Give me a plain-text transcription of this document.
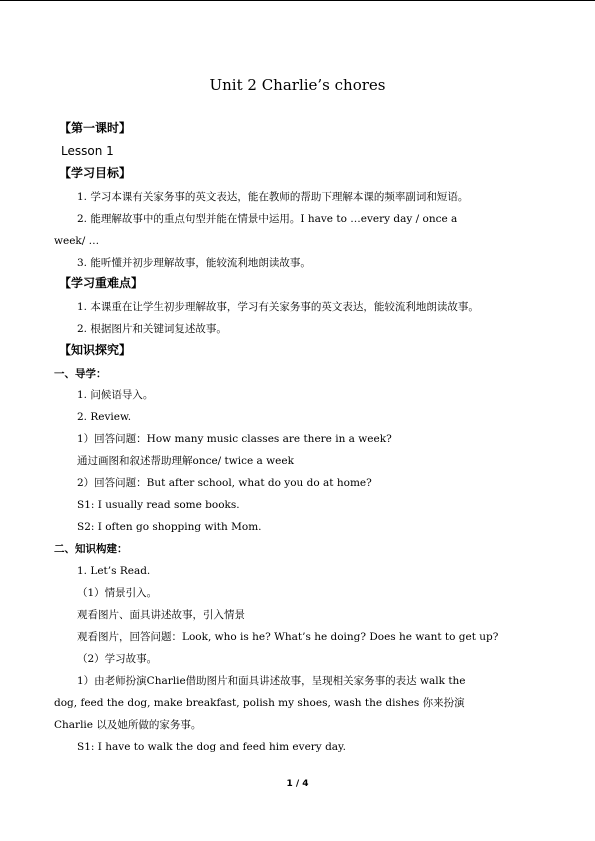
Unit 2 Charlie’s chores
【第一课时】
Lesson 1
【学习目标】
1. 学习本课有关家务事的英文表达，能在教师的帮助下理解本课的频率副词和短语。
2. 能理解故事中的重点句型并能在情景中运用。I have to …every day / once a
week/ …
3. 能听懂并初步理解故事，能较流利地朗读故事。
【学习重难点】
1. 本课重在让学生初步理解故事，学习有关家务事的英文表达，能较流利地朗读故事。
2. 根据图片和关键词复述故事。
【知识探究】
一、导学：
1. 问候语导入。
2. Review.
1）回答问题：How many music classes are there in a week?
通过画图和叙述帮助理解once/ twice a week
2）回答问题：But after school, what do you do at home?
S1: I usually read some books.
S2: I often go shopping with Mom.
二、知识构建：
1. Let’s Read.
（1）情景引入。
观看图片、面具讲述故事，引入情景
观看图片，回答问题：Look, who is he? What’s he doing? Does he want to get up?
（2）学习故事。
1）由老师扮演Charlie借助图片和面具讲述故事，呈现相关家务事的表达 walk the
dog, feed the dog, make breakfast, polish my shoes, wash the dishes 你来扮演
Charlie 以及她所做的家务事。
S1: I have to walk the dog and feed him every day.
1 / 4
